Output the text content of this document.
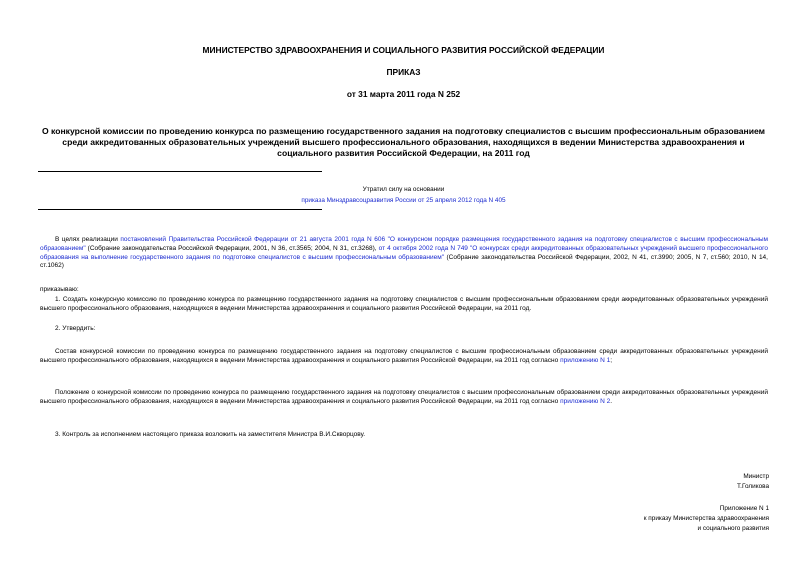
МИНИСТЕРСТВО ЗДРАВООХРАНЕНИЯ И СОЦИАЛЬНОГО РАЗВИТИЯ РОССИЙСКОЙ ФЕДЕРАЦИИ
ПРИКАЗ
от 31 марта 2011 года N 252
О конкурсной комиссии по проведению конкурса по размещению государственного задания на подготовку специалистов с высшим профессиональным образованием среди аккредитованных образовательных учреждений высшего профессионального образования, находящихся в ведении Министерства здравоохранения и социального развития Российской Федерации, на 2011 год
Утратил силу на основании
приказа Минздравсоцразвития России от 25 апреля 2012 года N 405
В целях реализации постановлений Правительства Российской Федерации от 21 августа 2001 года N 606 "О конкурсном порядке размещения государственного задания на подготовку специалистов с высшим профессиональным образованием" (Собрание законодательства Российской Федерации, 2001, N 36, ст.3565; 2004, N 31, ст.3268), от 4 октября 2002 года N 749 "О конкурсах среди аккредитованных образовательных учреждений высшего профессионального образования на выполнение государственного задания по подготовке специалистов с высшим профессиональным образованием" (Собрание законодательства Российской Федерации, 2002, N 41, ст.3990; 2005, N 7, ст.560; 2010, N 14, ст.1062)
приказываю:
1. Создать конкурсную комиссию по проведению конкурса по размещению государственного задания на подготовку специалистов с высшим профессиональным образованием среди аккредитованных образовательных учреждений высшего профессионального образования, находящихся в ведении Министерства здравоохранения и социального развития Российской Федерации, на 2011 год.
2. Утвердить:
Состав конкурсной комиссии по проведению конкурса по размещению государственного задания на подготовку специалистов с высшим профессиональным образованием среди аккредитованных образовательных учреждений высшего профессионального образования, находящихся в ведении Министерства здравоохранения и социального развития Российской Федерации, на 2011 год согласно приложению N 1;
Положение о конкурсной комиссии по проведению конкурса по размещению государственного задания на подготовку специалистов с высшим профессиональным образованием среди аккредитованных образовательных учреждений высшего профессионального образования, находящихся в ведении Министерства здравоохранения и социального развития Российской Федерации, на 2011 год согласно приложению N 2.
3. Контроль за исполнением настоящего приказа возложить на заместителя Министра В.И.Скворцову.
Министр
Т.Голикова
Приложение N 1
к приказу Министерства здравоохранения
и социального развития
